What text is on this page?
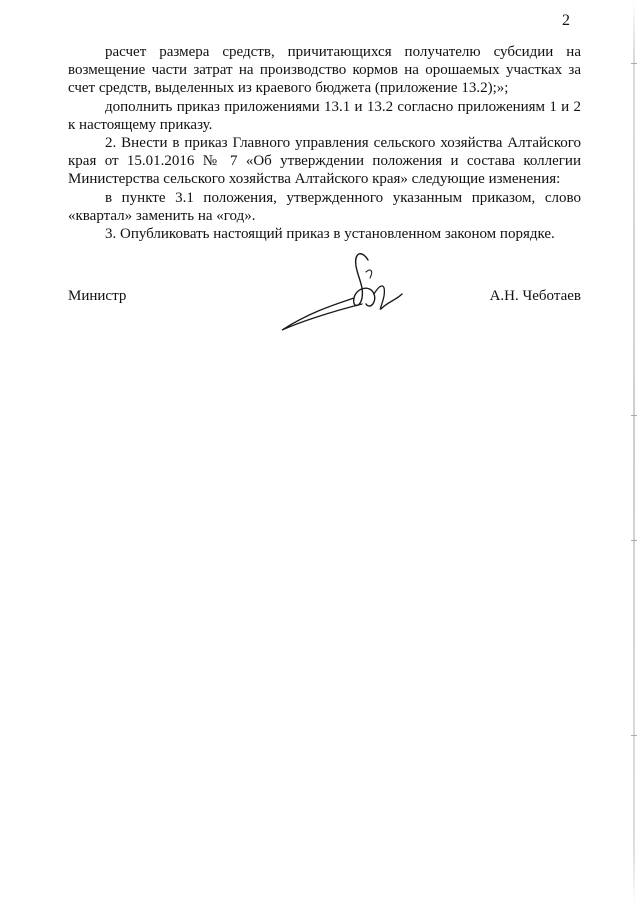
2

расчет размера средств, причитающихся получателю субсидии на возмещение части затрат на производство кормов на орошаемых участках за счет средств, выделенных из краевого бюджета (приложение 13.2);»;

дополнить приказ приложениями 13.1 и 13.2 согласно приложениям 1 и 2 к настоящему приказу.

2. Внести в приказ Главного управления сельского хозяйства Алтайского края от 15.01.2016 № 7 «Об утверждении положения и состава коллегии Министерства сельского хозяйства Алтайского края» следующие изменения:

в пункте 3.1 положения, утвержденного указанным приказом, слово «квартал» заменить на «год».

3. Опубликовать настоящий приказ в установленном законом порядке.

Министр	А.Н. Чеботаев
